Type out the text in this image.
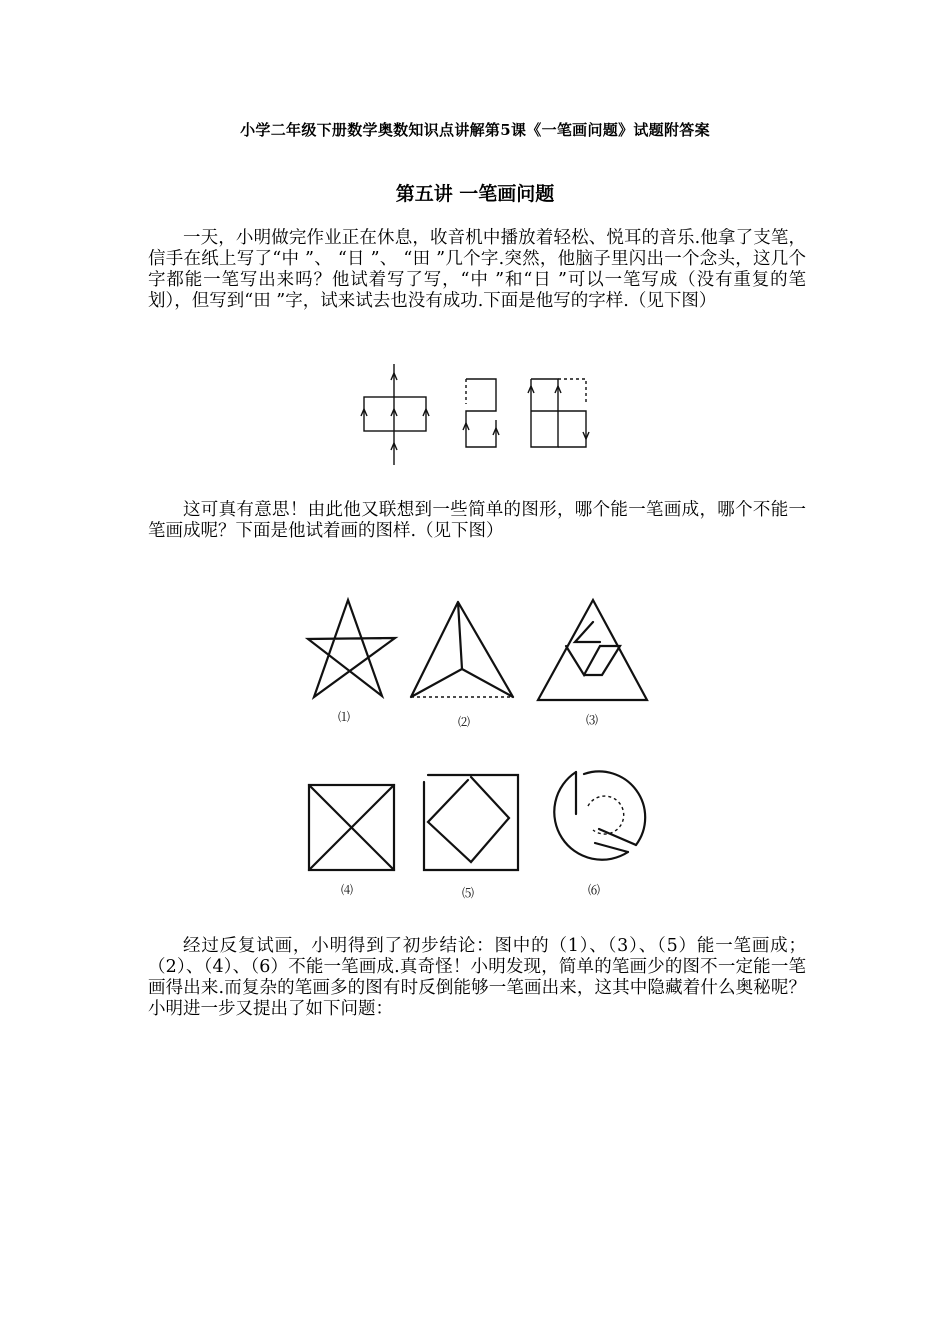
小学二年级下册数学奥数知识点讲解第5课《一笔画问题》试题附答案
第五讲 一笔画问题

一天，小明做完作业正在休息，收音机中播放着轻松、悦耳的音乐.他拿了支笔，信手在纸上写了“中 ”、 “日 ”、 “田 ”几个字.突然，他脑子里闪出一个念头，这几个字都能一笔写出来吗？他试着写了写，“中 ”和“日 ”可以一笔写成（没有重复的笔划），但写到“田 ”字，试来试去也没有成功.下面是他写的字样.（见下图）

这可真有意思！由此他又联想到一些简单的图形，哪个能一笔画成，哪个不能一笔画成呢？下面是他试着画的图样.（见下图）

⑴	⑵	⑶
⑷	⑸	⑹

经过反复试画，小明得到了初步结论：图中的（1）、（3）、（5）能一笔画成；（2）、（4）、（6）不能一笔画成.真奇怪！小明发现，简单的笔画少的图不一定能一笔画得出来.而复杂的笔画多的图有时反倒能够一笔画出来，这其中隐藏着什么奥秘呢？小明进一步又提出了如下问题：
